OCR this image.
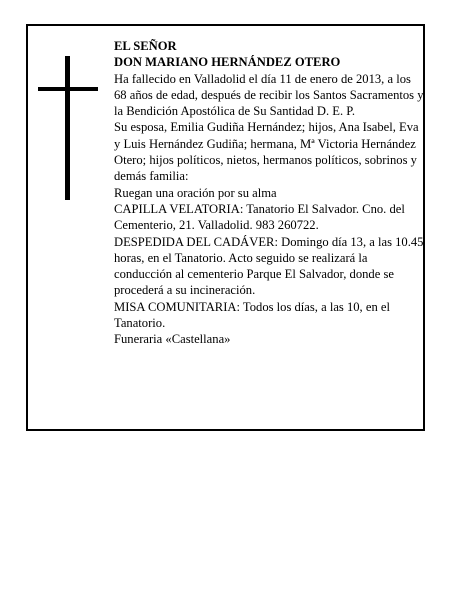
EL SEÑOR

DON MARIANO HERNÁNDEZ OTERO

Ha fallecido en Valladolid el día 11 de enero de 2013, a los 68 años de edad, después de recibir los Santos Sacramentos y la Bendición Apostólica de Su Santidad D. E. P.

Su esposa, Emilia Gudiña Hernández; hijos, Ana Isabel, Eva y Luis Hernández Gudiña; hermana, Mª Victoria Hernández Otero; hijos políticos, nietos, hermanos políticos, sobrinos y demás familia:

Ruegan una oración por su alma

CAPILLA VELATORIA: Tanatorio El Salvador. Cno. del Cementerio, 21. Valladolid. 983 260722.

DESPEDIDA DEL CADÁVER: Domingo día 13, a las 10.45 horas, en el Tanatorio. Acto seguido se realizará la conducción al cementerio Parque El Salvador, donde se procederá a su incineración.

MISA COMUNITARIA: Todos los días, a las 10, en el Tanatorio.

Funeraria «Castellana»
